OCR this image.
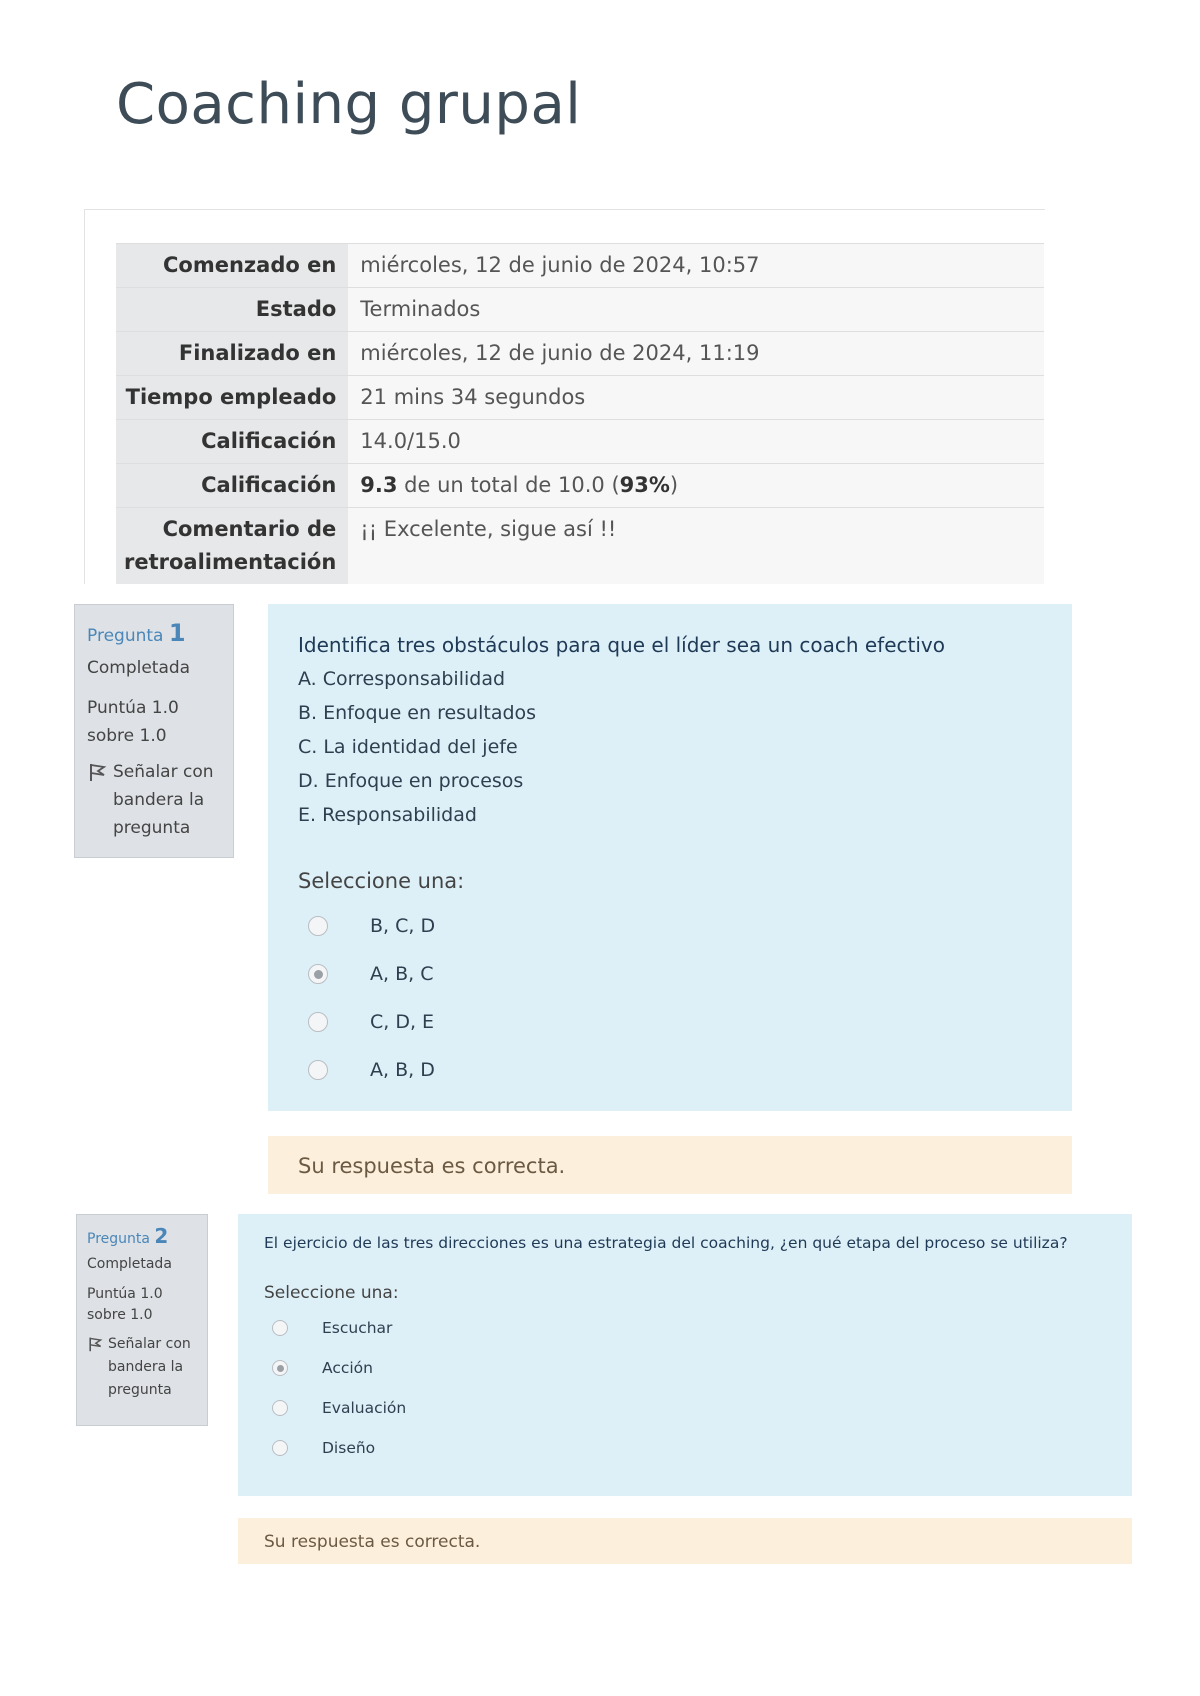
Coaching grupal
Comenzado en	miércoles, 12 de junio de 2024, 10:57
Estado	Terminados
Finalizado en	miércoles, 12 de junio de 2024, 11:19
Tiempo empleado	21 mins 34 segundos
Calificación	14.0/15.0
Calificación	9.3 de un total de 10.0 (93%)
Comentario de retroalimentación	¡¡ Excelente, sigue así !!

Pregunta 1

Completada

Puntúa 1.0
sobre 1.0

Señalar con bandera la pregunta
Identifica tres obstáculos para que el líder sea un coach efectivo
A. Corresponsabilidad
B. Enfoque en resultados
C. La identidad del jefe
D. Enfoque en procesos
E. Responsabilidad
Seleccione una:
B, C, D
A, B, C
C, D, E
A, B, D
Su respuesta es correcta.

Pregunta 2

Completada

Puntúa 1.0
sobre 1.0

Señalar con bandera la pregunta
El ejercicio de las tres direcciones es una estrategia del coaching, ¿en qué etapa del proceso se utiliza?
Seleccione una:
Escuchar
Acción
Evaluación
Diseño
Su respuesta es correcta.
